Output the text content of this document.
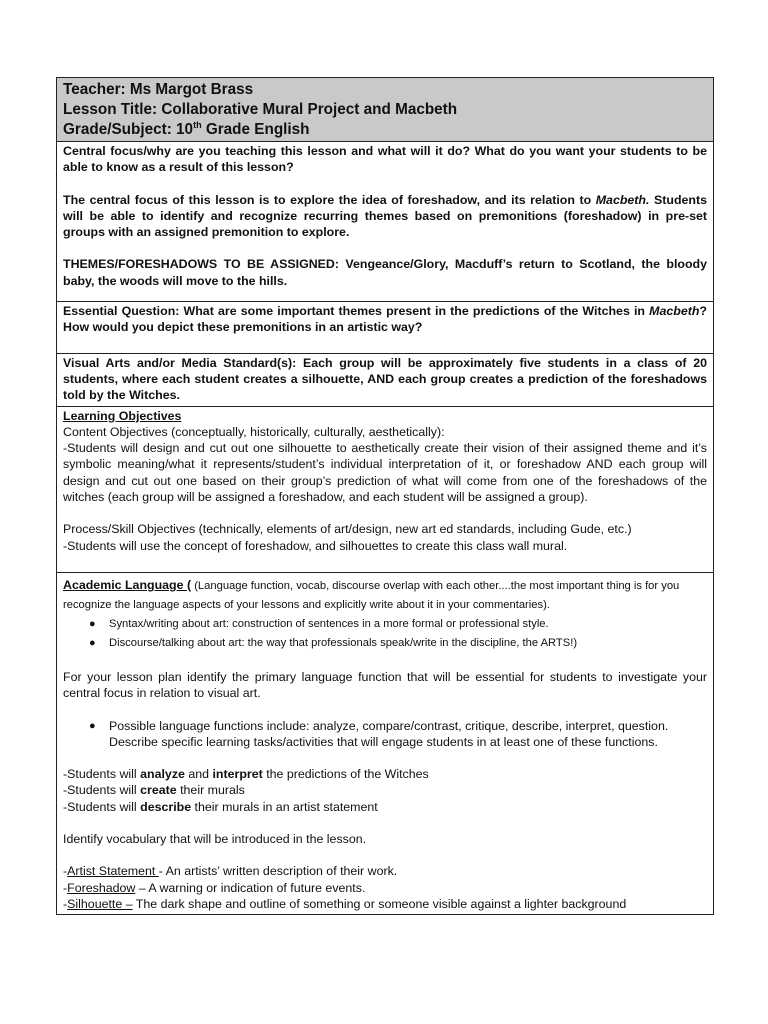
Teacher: Ms Margot Brass

Lesson Title: Collaborative Mural Project and Macbeth

Grade/Subject: 10th Grade English

Central focus/why are you teaching this lesson and what will it do? What do you want your students to be able to know as a result of this lesson?

The central focus of this lesson is to explore the idea of foreshadow, and its relation to Macbeth. Students will be able to identify and recognize recurring themes based on premonitions (foreshadow) in pre-set groups with an assigned premonition to explore.

THEMES/FORESHADOWS TO BE ASSIGNED: Vengeance/Glory, Macduff’s return to Scotland, the bloody baby, the woods will move to the hills.

Essential Question: What are some important themes present in the predictions of the Witches in Macbeth? How would you depict these premonitions in an artistic way?

Visual Arts and/or Media Standard(s): Each group will be approximately five students in a class of 20 students, where each student creates a silhouette, AND each group creates a prediction of the foreshadows told by the Witches.

Learning Objectives

Content Objectives (conceptually, historically, culturally, aesthetically):

-Students will design and cut out one silhouette to aesthetically create their vision of their assigned theme and it’s symbolic meaning/what it represents/student’s individual interpretation of it, or foreshadow AND each group will design and cut out one based on their group’s prediction of what will come from one of the foreshadows of the witches (each group will be assigned a foreshadow, and each student will be assigned a group).

Process/Skill Objectives (technically, elements of art/design, new art ed standards, including Gude, etc.)

-Students will use the concept of foreshadow, and silhouettes to create this class wall mural.

Academic Language ( (Language function, vocab, discourse overlap with each other....the most important thing is for you recognize the language aspects of your lessons and explicitly write about it in your commentaries).

● Syntax/writing about art: construction of sentences in a more formal or professional style.
● Discourse/talking about art: the way that professionals speak/write in the discipline, the ARTS!)

For your lesson plan identify the primary language function that will be essential for students to investigate your central focus in relation to visual art.

● Possible language functions include: analyze, compare/contrast, critique, describe, interpret, question. Describe specific learning tasks/activities that will engage students in at least one of these functions.

-Students will analyze and interpret the predictions of the Witches

-Students will create their murals

-Students will describe their murals in an artist statement

Identify vocabulary that will be introduced in the lesson.

-Artist Statement - An artists’ written description of their work.

-Foreshadow – A warning or indication of future events.

-Silhouette – The dark shape and outline of something or someone visible against a lighter background
